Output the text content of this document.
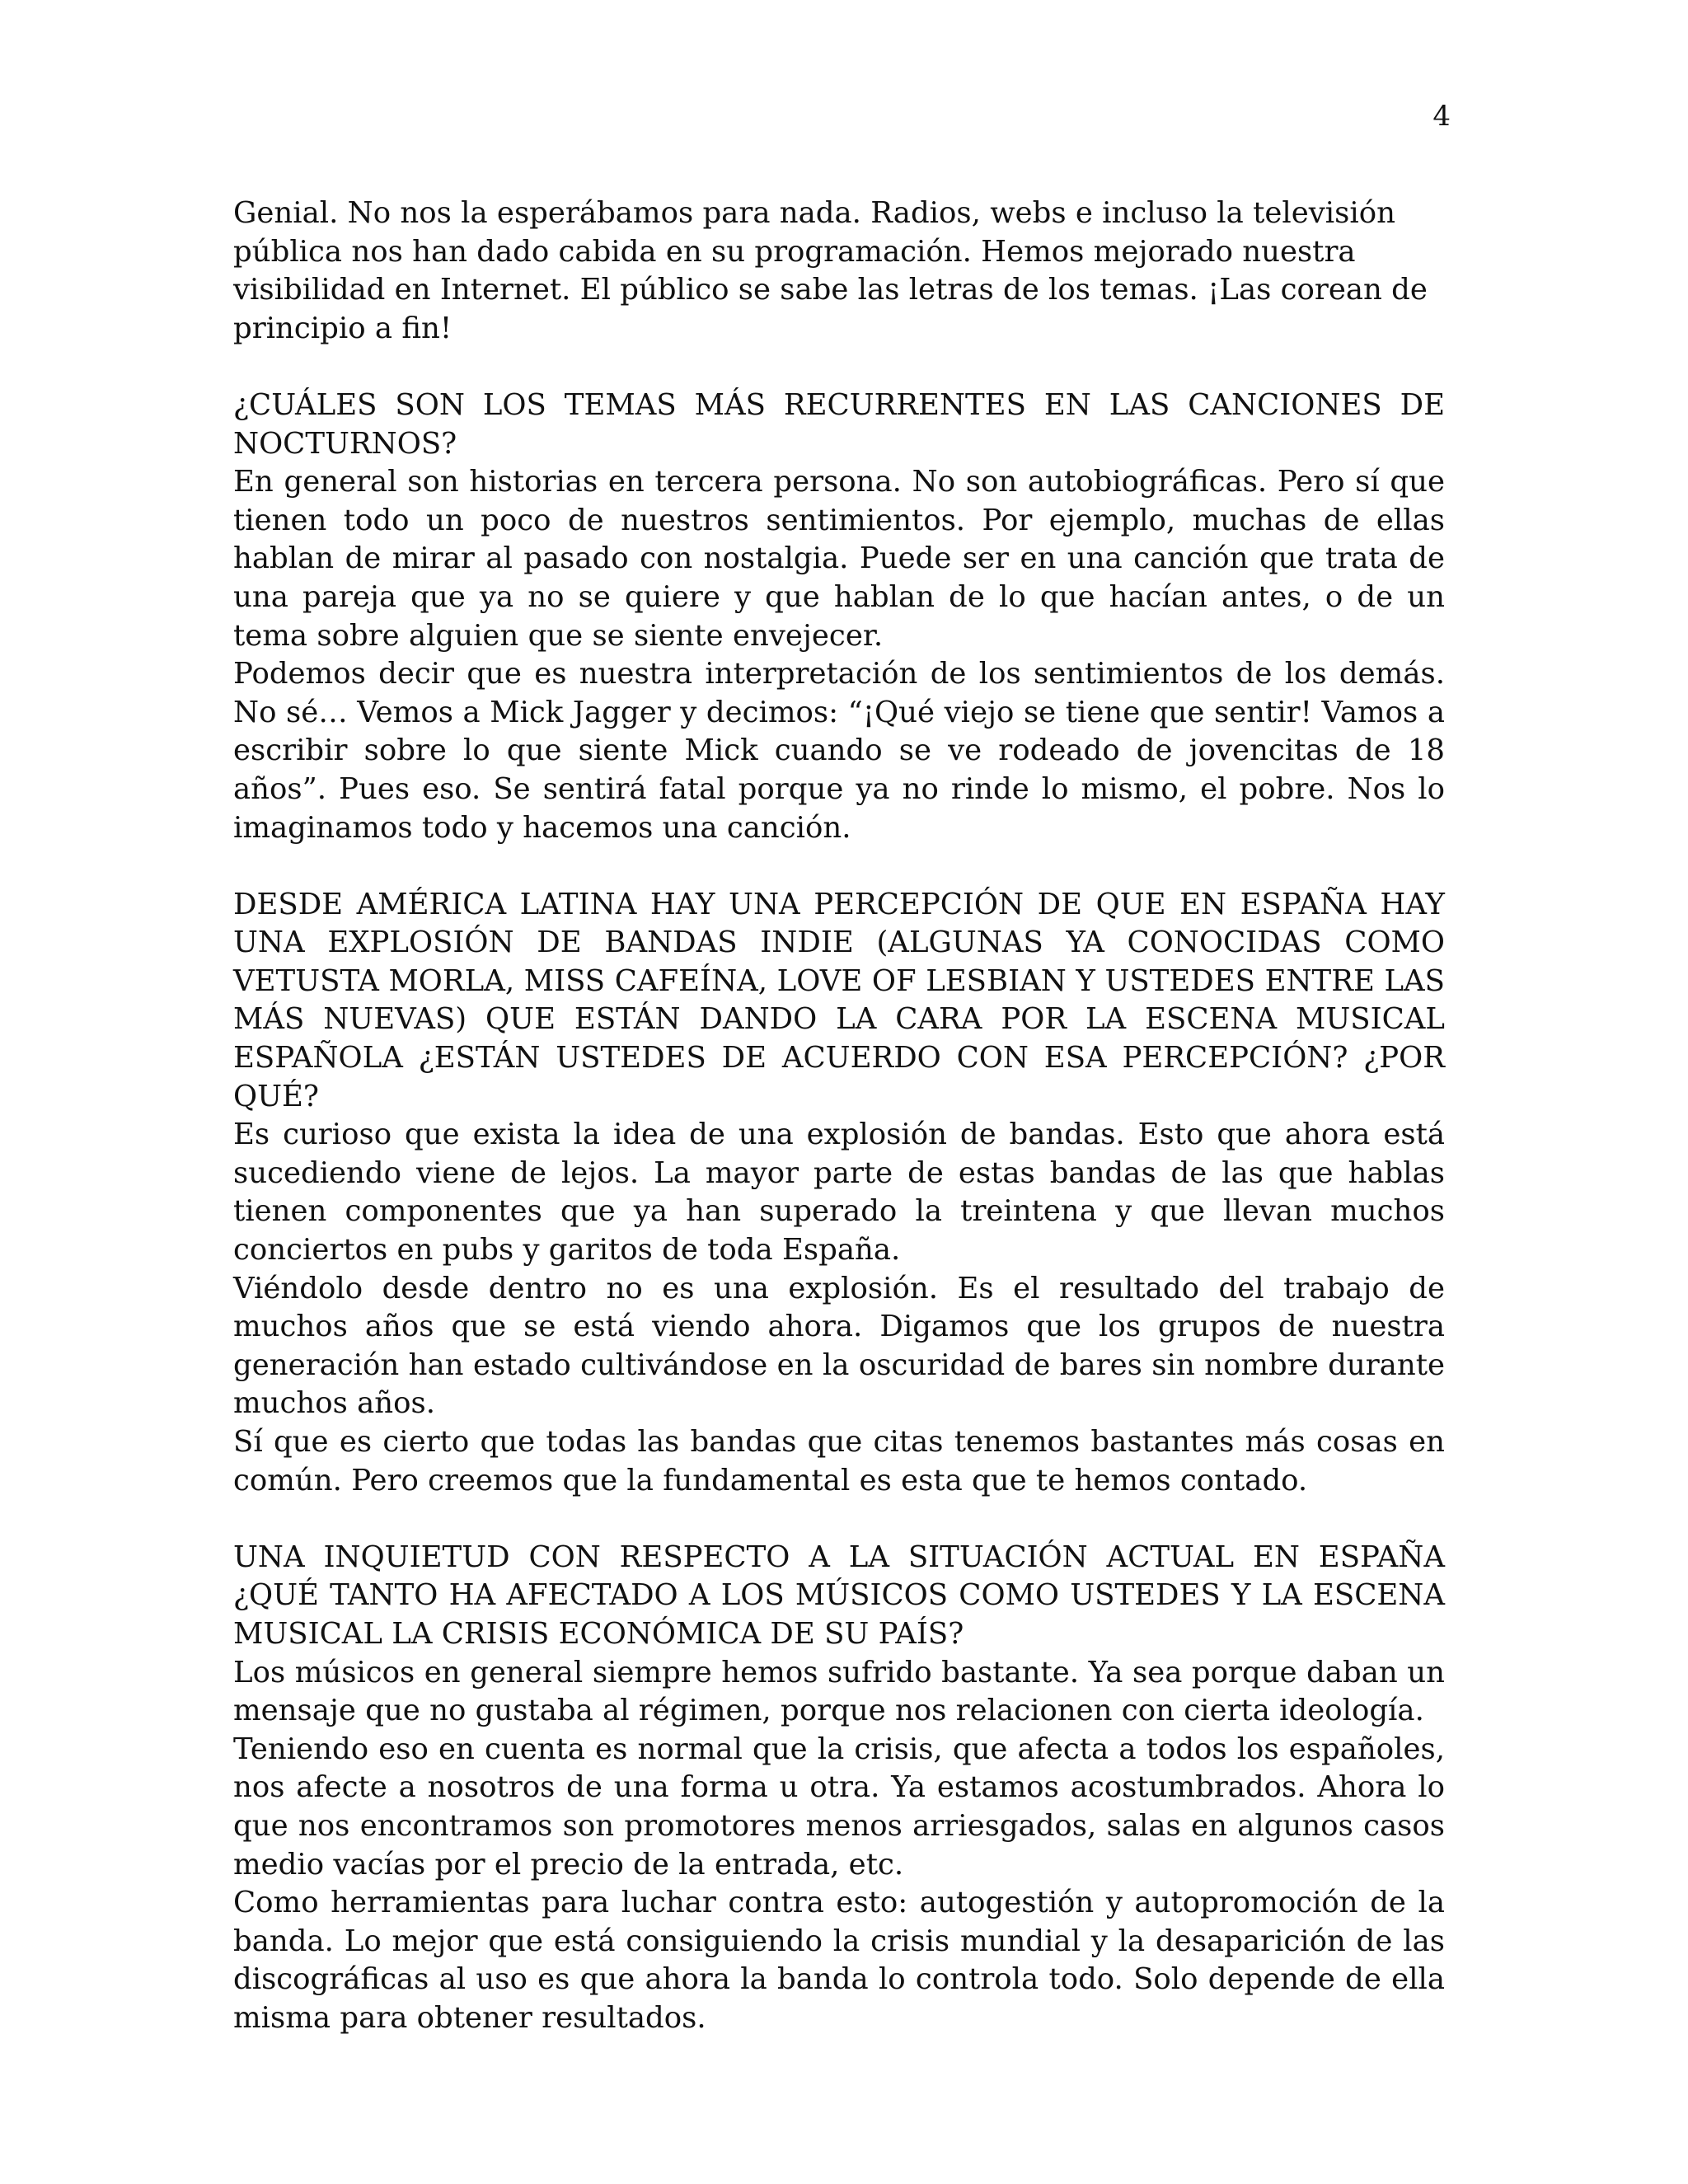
4

Genial. No nos la esperábamos para nada. Radios, webs e incluso la televisión pública nos han dado cabida en su programación. Hemos mejorado nuestra visibilidad en Internet. El público se sabe las letras de los temas. ¡Las corean de principio a fin!

¿CUÁLES SON LOS TEMAS MÁS RECURRENTES EN LAS CANCIONES DE NOCTURNOS?

En general son historias en tercera persona. No son autobiográficas. Pero sí que tienen todo un poco de nuestros sentimientos. Por ejemplo, muchas de ellas hablan de mirar al pasado con nostalgia. Puede ser en una canción que trata de una pareja que ya no se quiere y que hablan de lo que hacían antes, o de un tema sobre alguien que se siente envejecer.

Podemos decir que es nuestra interpretación de los sentimientos de los demás. No sé… Vemos a Mick Jagger y decimos: “¡Qué viejo se tiene que sentir! Vamos a escribir sobre lo que siente Mick cuando se ve rodeado de jovencitas de 18 años”. Pues eso. Se sentirá fatal porque ya no rinde lo mismo, el pobre. Nos lo imaginamos todo y hacemos una canción.

DESDE AMÉRICA LATINA HAY UNA PERCEPCIÓN DE QUE EN ESPAÑA HAY UNA EXPLOSIÓN DE BANDAS INDIE (ALGUNAS YA CONOCIDAS COMO VETUSTA MORLA, MISS CAFEÍNA, LOVE OF LESBIAN Y USTEDES ENTRE LAS MÁS NUEVAS) QUE ESTÁN DANDO LA CARA POR LA ESCENA MUSICAL ESPAÑOLA ¿ESTÁN USTEDES DE ACUERDO CON ESA PERCEPCIÓN? ¿POR QUÉ?

Es curioso que exista la idea de una explosión de bandas. Esto que ahora está sucediendo viene de lejos. La mayor parte de estas bandas de las que hablas tienen componentes que ya han superado la treintena y que llevan muchos conciertos en pubs y garitos de toda España.

Viéndolo desde dentro no es una explosión. Es el resultado del trabajo de muchos años que se está viendo ahora. Digamos que los grupos de nuestra generación han estado cultivándose en la oscuridad de bares sin nombre durante muchos años.

Sí que es cierto que todas las bandas que citas tenemos bastantes más cosas en común. Pero creemos que la fundamental es esta que te hemos contado.

UNA INQUIETUD CON RESPECTO A LA SITUACIÓN ACTUAL EN ESPAÑA ¿QUÉ TANTO HA AFECTADO A LOS MÚSICOS COMO USTEDES Y LA ESCENA MUSICAL LA CRISIS ECONÓMICA DE SU PAÍS?

Los músicos en general siempre hemos sufrido bastante. Ya sea porque daban un mensaje que no gustaba al régimen, porque nos relacionen con cierta ideología.

Teniendo eso en cuenta es normal que la crisis, que afecta a todos los españoles, nos afecte a nosotros de una forma u otra. Ya estamos acostumbrados. Ahora lo que nos encontramos son promotores menos arriesgados, salas en algunos casos medio vacías por el precio de la entrada, etc.

Como herramientas para luchar contra esto: autogestión y autopromoción de la banda. Lo mejor que está consiguiendo la crisis mundial y la desaparición de las discográficas al uso es que ahora la banda lo controla todo. Solo depende de ella misma para obtener resultados.
